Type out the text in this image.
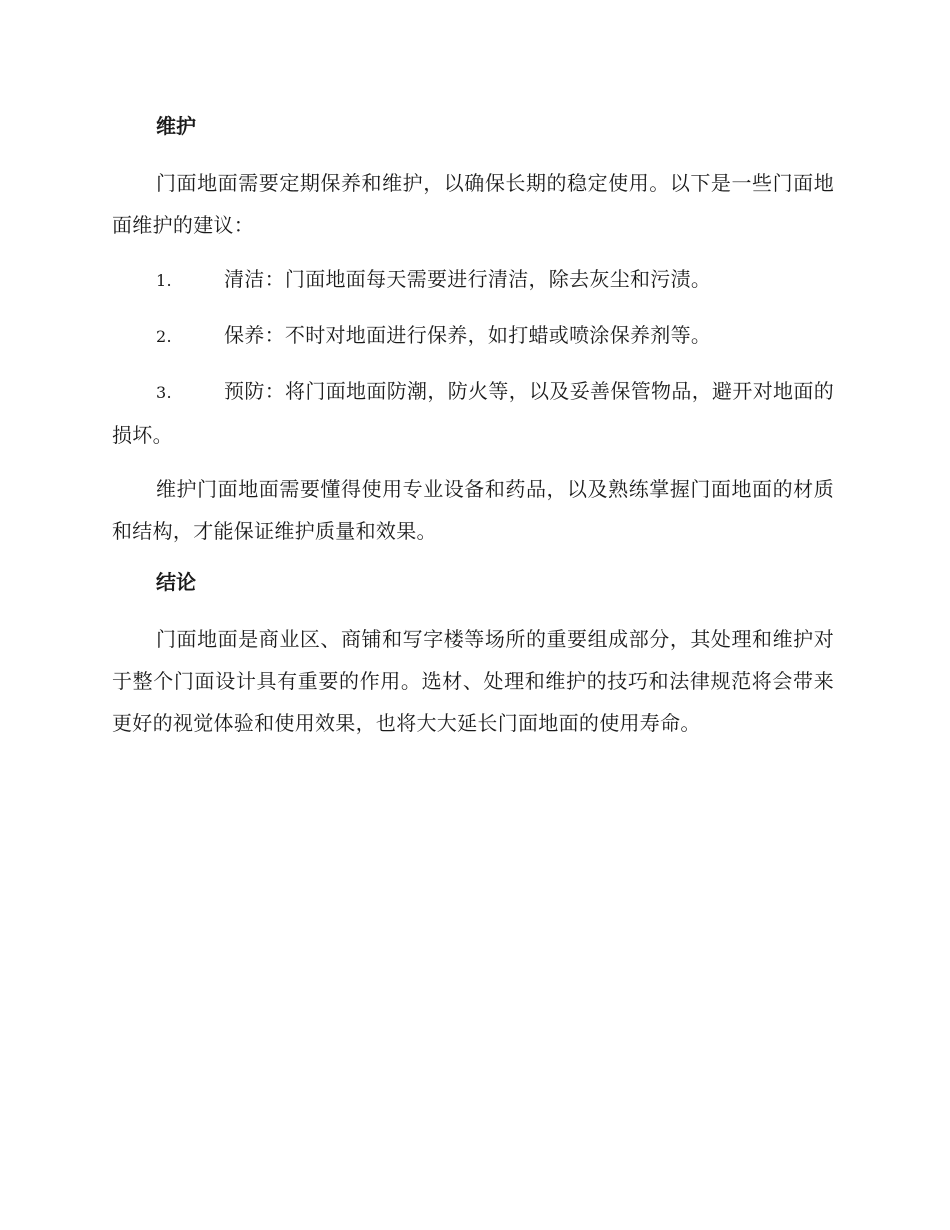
维护

门面地面需要定期保养和维护，以确保长期的稳定使用。以下是一些门面地面维护的建议：

1.	清洁：门面地面每天需要进行清洁，除去灰尘和污渍。
2.	保养：不时对地面进行保养，如打蜡或喷涂保养剂等。
3.	预防：将门面地面防潮，防火等，以及妥善保管物品，避开对地面的损坏。

维护门面地面需要懂得使用专业设备和药品，以及熟练掌握门面地面的材质和结构，才能保证维护质量和效果。

结论

门面地面是商业区、商铺和写字楼等场所的重要组成部分，其处理和维护对于整个门面设计具有重要的作用。选材、处理和维护的技巧和法律规范将会带来更好的视觉体验和使用效果，也将大大延长门面地面的使用寿命。
